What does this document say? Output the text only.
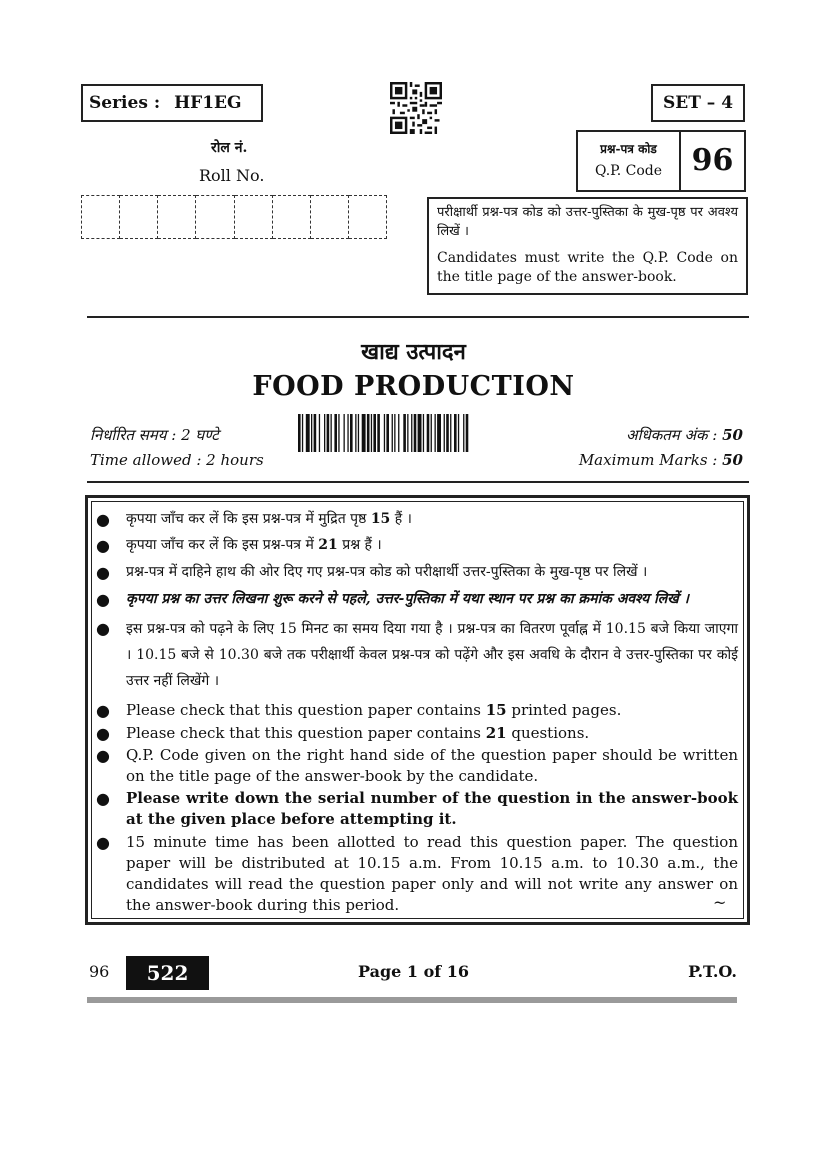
Series : HF1EG	SET – 4
रोल नं.
Roll No.
प्रश्न-पत्र कोड
Q.P. Code 96
परीक्षार्थी प्रश्न-पत्र कोड को उत्तर-पुस्तिका के मुख-पृष्ठ पर अवश्य लिखें ।
Candidates must write the Q.P. Code on the title page of the answer-book.
खाद्य उत्पादन
FOOD PRODUCTION
निर्धारित समय : 2 घण्टे
Time allowed : 2 hours
अधिकतम अंक : 50
Maximum Marks : 50
● कृपया जाँच कर लें कि इस प्रश्न-पत्र में मुद्रित पृष्ठ 15 हैं ।
● कृपया जाँच कर लें कि इस प्रश्न-पत्र में 21 प्रश्न हैं ।
● प्रश्न-पत्र में दाहिने हाथ की ओर दिए गए प्रश्न-पत्र कोड को परीक्षार्थी उत्तर-पुस्तिका के मुख-पृष्ठ पर लिखें ।
● कृपया प्रश्न का उत्तर लिखना शुरू करने से पहले, उत्तर-पुस्तिका में यथा स्थान पर प्रश्न का क्रमांक अवश्य लिखें ।
● इस प्रश्न-पत्र को पढ़ने के लिए 15 मिनट का समय दिया गया है । प्रश्न-पत्र का वितरण पूर्वाह्न में 10.15 बजे किया जाएगा । 10.15 बजे से 10.30 बजे तक परीक्षार्थी केवल प्रश्न-पत्र को पढ़ेंगे और इस अवधि के दौरान वे उत्तर-पुस्तिका पर कोई उत्तर नहीं लिखेंगे ।
● Please check that this question paper contains 15 printed pages.
● Please check that this question paper contains 21 questions.
● Q.P. Code given on the right hand side of the question paper should be written on the title page of the answer-book by the candidate.
● Please write down the serial number of the question in the answer-book at the given place before attempting it.
● 15 minute time has been allotted to read this question paper. The question paper will be distributed at 10.15 a.m. From 10.15 a.m. to 10.30 a.m., the candidates will read the question paper only and will not write any answer on the answer-book during this period.	~
96	522	Page 1 of 16	P.T.O.
